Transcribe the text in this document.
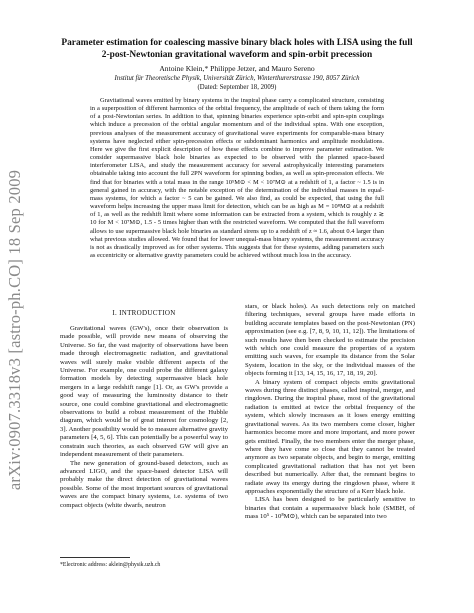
arXiv:0907.3318v3 [astro-ph.CO] 18 Sep 2009
Parameter estimation for coalescing massive binary black holes with LISA using the full 2-post-Newtonian gravitational waveform and spin-orbit precession
Antoine Klein,* Philippe Jetzer, and Mauro Sereno
Institut für Theoretische Physik, Universität Zürich, Winterthurerstrasse 190, 8057 Zürich
(Dated: September 18, 2009)

Gravitational waves emitted by binary systems in the inspiral phase carry a complicated structure, consisting in a superposition of different harmonics of the orbital frequency, the amplitude of each of them taking the form of a post-Newtonian series. In addition to that, spinning binaries experience spin-orbit and spin-spin couplings which induce a precession of the orbital angular momentum and of the individual spins. With one exception, previous analyses of the measurement accuracy of gravitational wave experiments for comparable-mass binary systems have neglected either spin-precession effects or subdominant harmonics and amplitude modulations. Here we give the first explicit description of how these effects combine to improve parameter estimation. We consider supermassive black hole binaries as expected to be observed with the planned space-based interferometer LISA, and study the measurement accuracy for several astrophysically interesting parameters obtainable taking into account the full 2PN waveform for spinning bodies, as well as spin-precession effects. We find that for binaries with a total mass in the range 10⁵M⊙ < M < 10⁷M⊙ at a redshift of 1, a factor ~ 1.5 is in general gained in accuracy, with the notable exception of the determination of the individual masses in equal-mass systems, for which a factor ~ 5 can be gained. We also find, as could be expected, that using the full waveform helps increasing the upper mass limit for detection, which can be as high as M = 10⁸M⊙ at a redshift of 1, as well as the redshift limit where some information can be extracted from a system, which is roughly z ≳ 10 for M < 10⁷M⊙, 1.5 - 5 times higher than with the restricted waveform. We computed that the full waveform allows to use supermassive black hole binaries as standard sirens up to a redshift of z ≈ 1.6, about 0.4 larger than what previous studies allowed. We found that for lower unequal-mass binary systems, the measurement accuracy is not as drastically improved as for other systems. This suggests that for these systems, adding parameters such as eccentricity or alternative gravity parameters could be achieved without much loss in the accuracy.

I. INTRODUCTION

Gravitational waves (GW's), once their observation is made possible, will provide new means of observing the Universe. So far, the vast majority of observations have been made through electromagnetic radiation, and gravitational waves will surely make visible different aspects of the Universe. For example, one could probe the different galaxy formation models by detecting supermassive black hole mergers in a large redshift range [1]. Or, as GW's provide a good way of measuring the luminosity distance to their source, one could combine gravitational and electromagnetic observations to build a robust measurement of the Hubble diagram, which would be of great interest for cosmology [2, 3]. Another possibility would be to measure alternative gravity parameters [4, 5, 6]. This can potentially be a powerful way to constrain such theories, as each observed GW will give an independent measurement of their parameters.

The new generation of ground-based detectors, such as advanced LIGO, and the space-based detector LISA will probably make the direct detection of gravitational waves possible. Some of the most important sources of gravitational waves are the compact binary systems, i.e. systems of two compact objects (white dwarfs, neutron

stars, or black holes). As such detections rely on matched filtering techniques, several groups have made efforts in building accurate templates based on the post-Newtonian (PN) approximation (see e.g. [7, 8, 9, 10, 11, 12]). The limitations of such results have then been checked to estimate the precision with which one could measure the properties of a system emitting such waves, for example its distance from the Solar System, location in the sky, or the individual masses of the objects forming it [13, 14, 15, 16, 17, 18, 19, 20].

A binary system of compact objects emits gravitational waves during three distinct phases, called inspiral, merger, and ringdown. During the inspiral phase, most of the gravitational radiation is emitted at twice the orbital frequency of the system, which slowly increases as it loses energy emitting gravitational waves. As its two members come closer, higher harmonics become more and more important, and more power gets emitted. Finally, the two members enter the merger phase, where they have come so close that they cannot be treated anymore as two separate objects, and begin to merge, emitting complicated gravitational radiation that has not yet been described but numerically. After that, the remnant begins to radiate away its energy during the ringdown phase, where it approaches exponentially the structure of a Kerr black hole.

LISA has been designed to be particularly sensitive to binaries that contain a supermassive black hole (SMBH, of mass 10⁵ - 10⁸M⊙), which can be separated into two

*Electronic address: aklein@physik.uzh.ch
